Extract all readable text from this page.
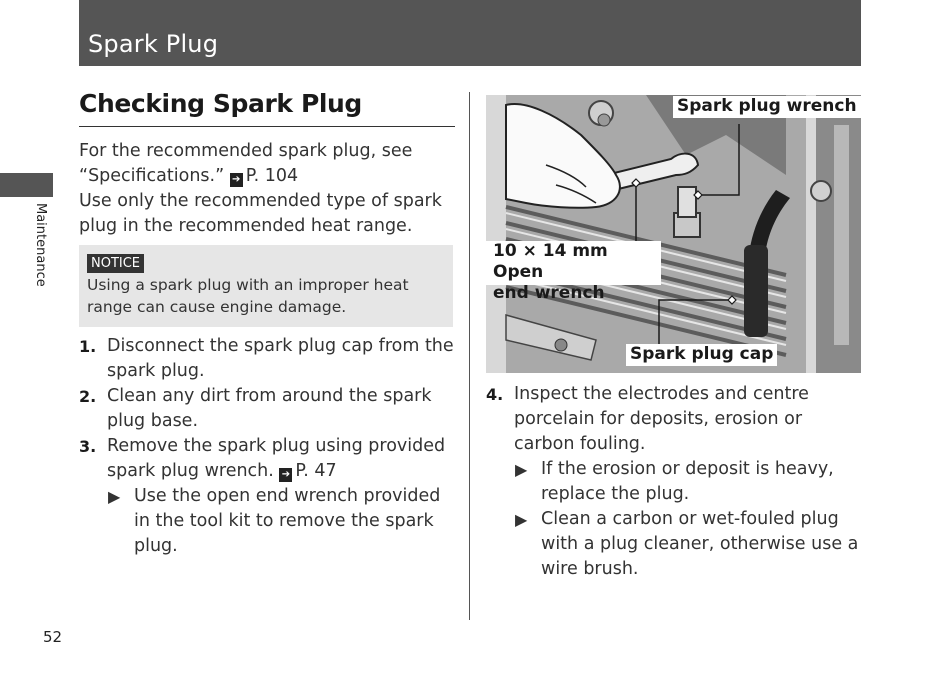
Spark Plug
Maintenance
52
Checking Spark Plug
For the recommended spark plug, see
“Specifications.” ➔ P. 104
Use only the recommended type of spark plug in the recommended heat range.
NOTICE
Using a spark plug with an improper heat range can cause engine damage.
1. Disconnect the spark plug cap from the spark plug.
2. Clean any dirt from around the spark plug base.
3. Remove the spark plug using provided spark plug wrench. ➔ P. 47
▶ Use the open end wrench provided in the tool kit to remove the spark plug.
Spark plug wrench
10 × 14 mm Open
end wrench
Spark plug cap
4. Inspect the electrodes and centre porcelain for deposits, erosion or carbon fouling.
▶ If the erosion or deposit is heavy, replace the plug.
▶ Clean a carbon or wet-fouled plug with a plug cleaner, otherwise use a wire brush.
